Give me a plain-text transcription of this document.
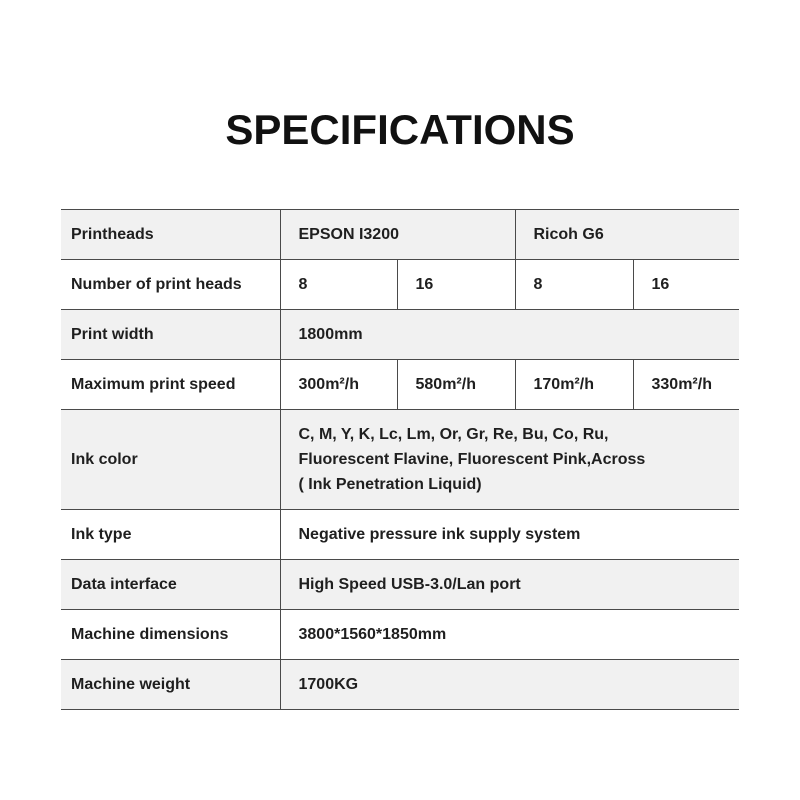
SPECIFICATIONS
Printheads	EPSON I3200		Ricoh G6	
Number of print heads	8	16	8	16
Print width	1800mm			
Maximum print speed	300m²/h	580m²/h	170m²/h	330m²/h
Ink color	C, M, Y, K, Lc, Lm, Or, Gr, Re, Bu, Co, Ru,
Fluorescent Flavine, Fluorescent Pink,Across
( Ink Penetration Liquid)			

Ink type	Negative pressure ink supply system			
Data interface	High Speed USB-3.0/Lan port			
Machine dimensions	3800*1560*1850mm			
Machine weight	1700KG			
